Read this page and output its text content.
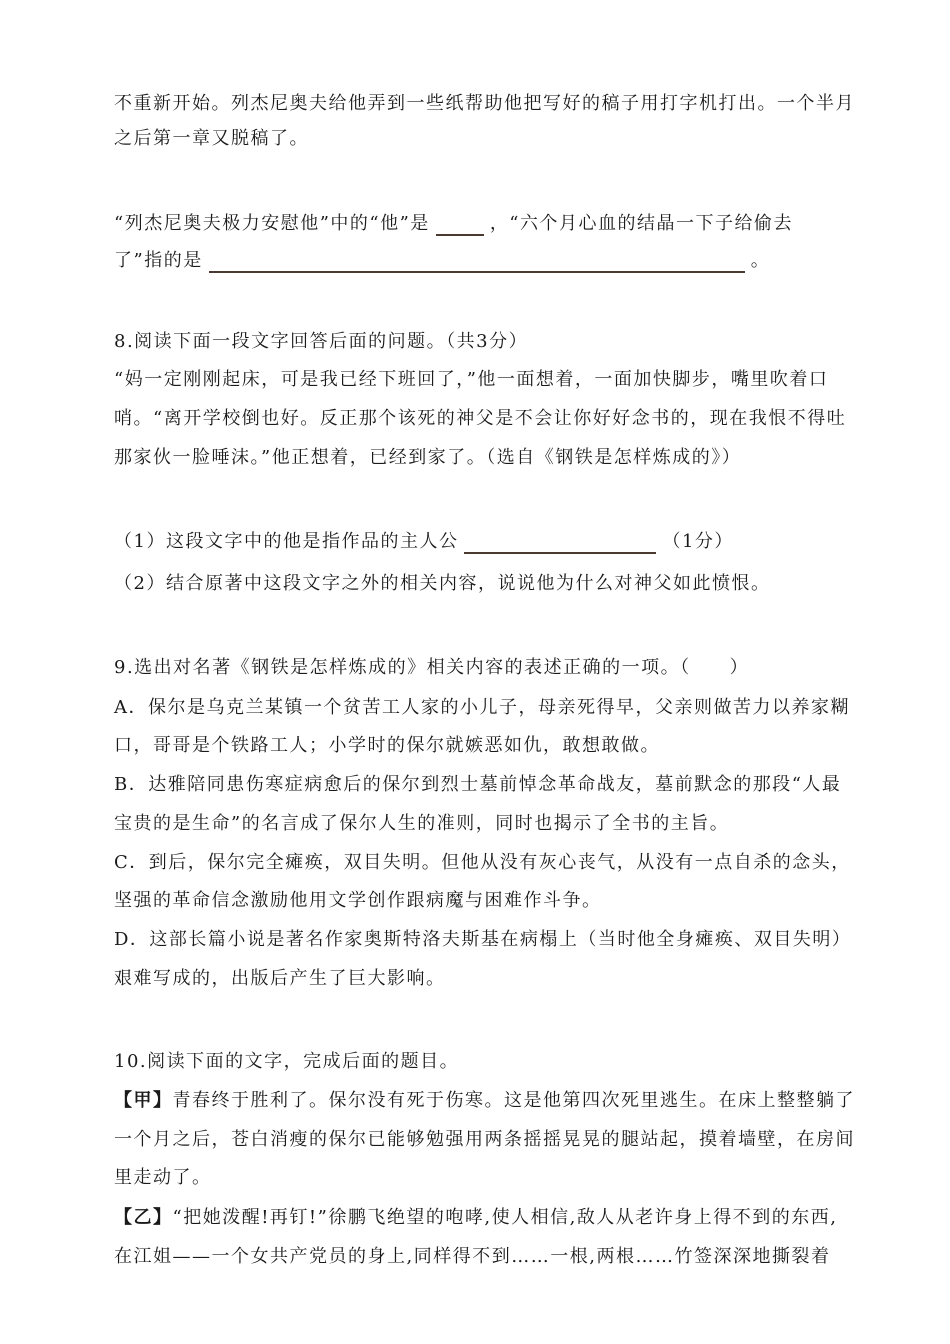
不重新开始。列杰尼奥夫给他弄到一些纸帮助他把写好的稿子用打字机打出。一个半月
之后第一章又脱稿了。
“列杰尼奥夫极力安慰他”中的“他”是	，“六个月心血的结晶一下子给偷去
了”指的是	。
8.阅读下面一段文字回答后面的问题。（共3分）
“妈一定刚刚起床，可是我已经下班回了，”他一面想着，一面加快脚步，嘴里吹着口
哨。“离开学校倒也好。反正那个该死的神父是不会让你好好念书的，现在我恨不得吐
那家伙一脸唾沫。”他正想着，已经到家了。（选自《钢铁是怎样炼成的》）
（1）这段文字中的他是指作品的主人公	（1分）
（2）结合原著中这段文字之外的相关内容，说说他为什么对神父如此愤恨。
9.选出对名著《钢铁是怎样炼成的》相关内容的表述正确的一项。（　　）
A．保尔是乌克兰某镇一个贫苦工人家的小儿子，母亲死得早，父亲则做苦力以养家糊
口，哥哥是个铁路工人；小学时的保尔就嫉恶如仇，敢想敢做。
B．达雅陪同患伤寒症病愈后的保尔到烈士墓前悼念革命战友，墓前默念的那段“人最
宝贵的是生命”的名言成了保尔人生的准则，同时也揭示了全书的主旨。
C．到后，保尔完全瘫痪，双目失明。但他从没有灰心丧气，从没有一点自杀的念头，
坚强的革命信念激励他用文学创作跟病魔与困难作斗争。
D．这部长篇小说是著名作家奥斯特洛夫斯基在病榻上（当时他全身瘫痪、双目失明）
艰难写成的，出版后产生了巨大影响。
10.阅读下面的文字，完成后面的题目。
【甲】青春终于胜利了。保尔没有死于伤寒。这是他第四次死里逃生。在床上整整躺了
一个月之后，苍白消瘦的保尔已能够勉强用两条摇摇晃晃的腿站起，摸着墙壁，在房间
里走动了。
【乙】“把她泼醒!再钉!”徐鹏飞绝望的咆哮,使人相信,敌人从老许身上得不到的东西,
在江姐——一个女共产党员的身上,同样得不到……一根,两根……竹签深深地撕裂着
